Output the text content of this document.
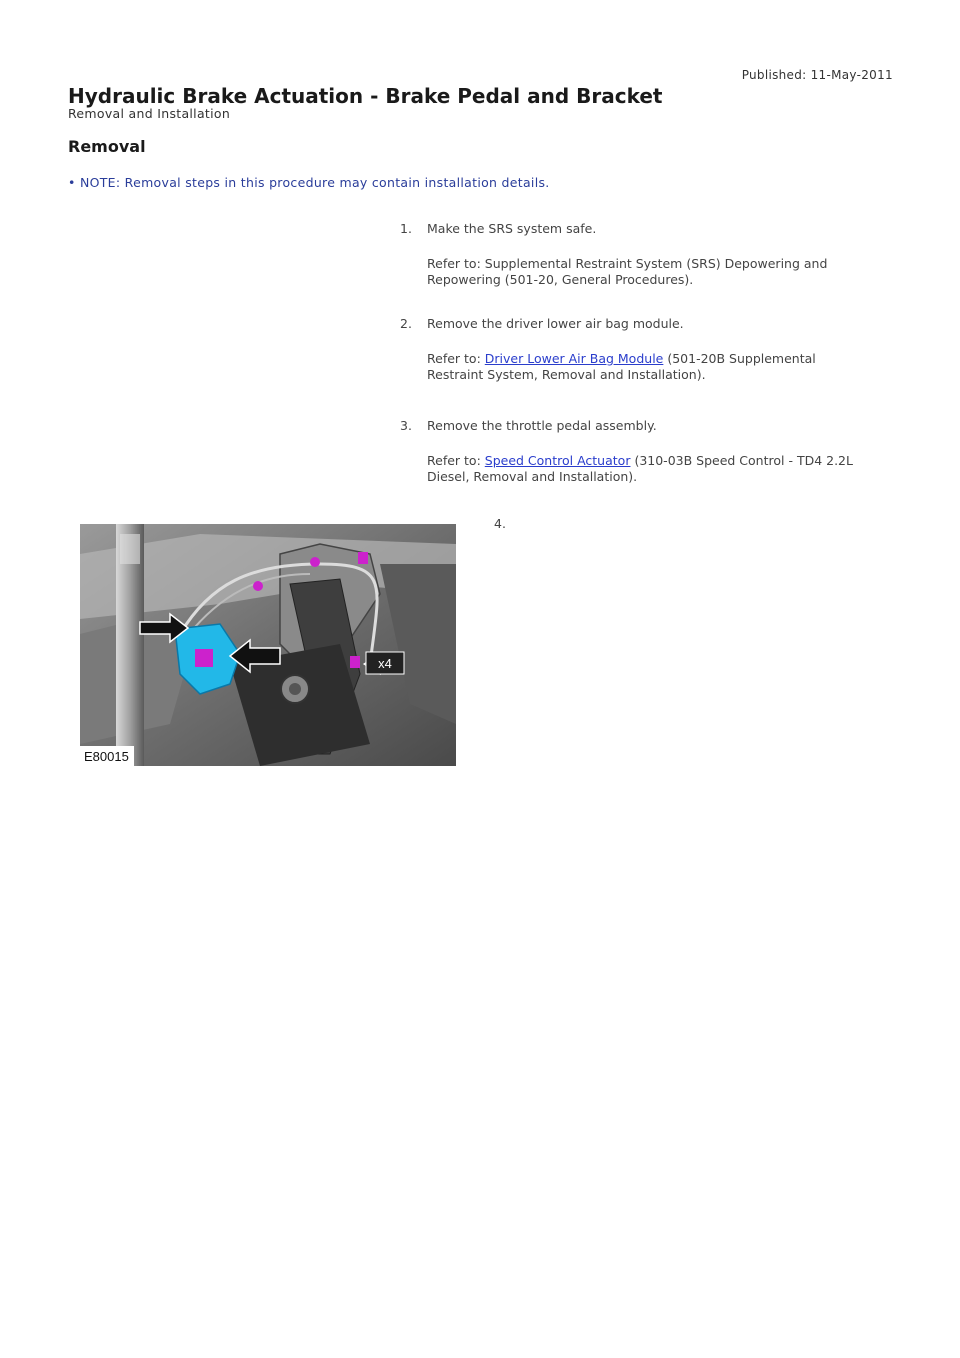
Published: 11-May-2011
Hydraulic Brake Actuation - Brake Pedal and Bracket
Removal and Installation
Removal
• NOTE: Removal steps in this procedure may contain installation details.
1. Make the SRS system safe.
Refer to: Supplemental Restraint System (SRS) Depowering and Repowering (501-20, General Procedures).
2. Remove the driver lower air bag module.
Refer to: Driver Lower Air Bag Module (501-20B Supplemental Restraint System, Removal and Installation).
3. Remove the throttle pedal assembly.
Refer to: Speed Control Actuator (310-03B Speed Control - TD4 2.2L Diesel, Removal and Installation).
4.
x4
E80015
